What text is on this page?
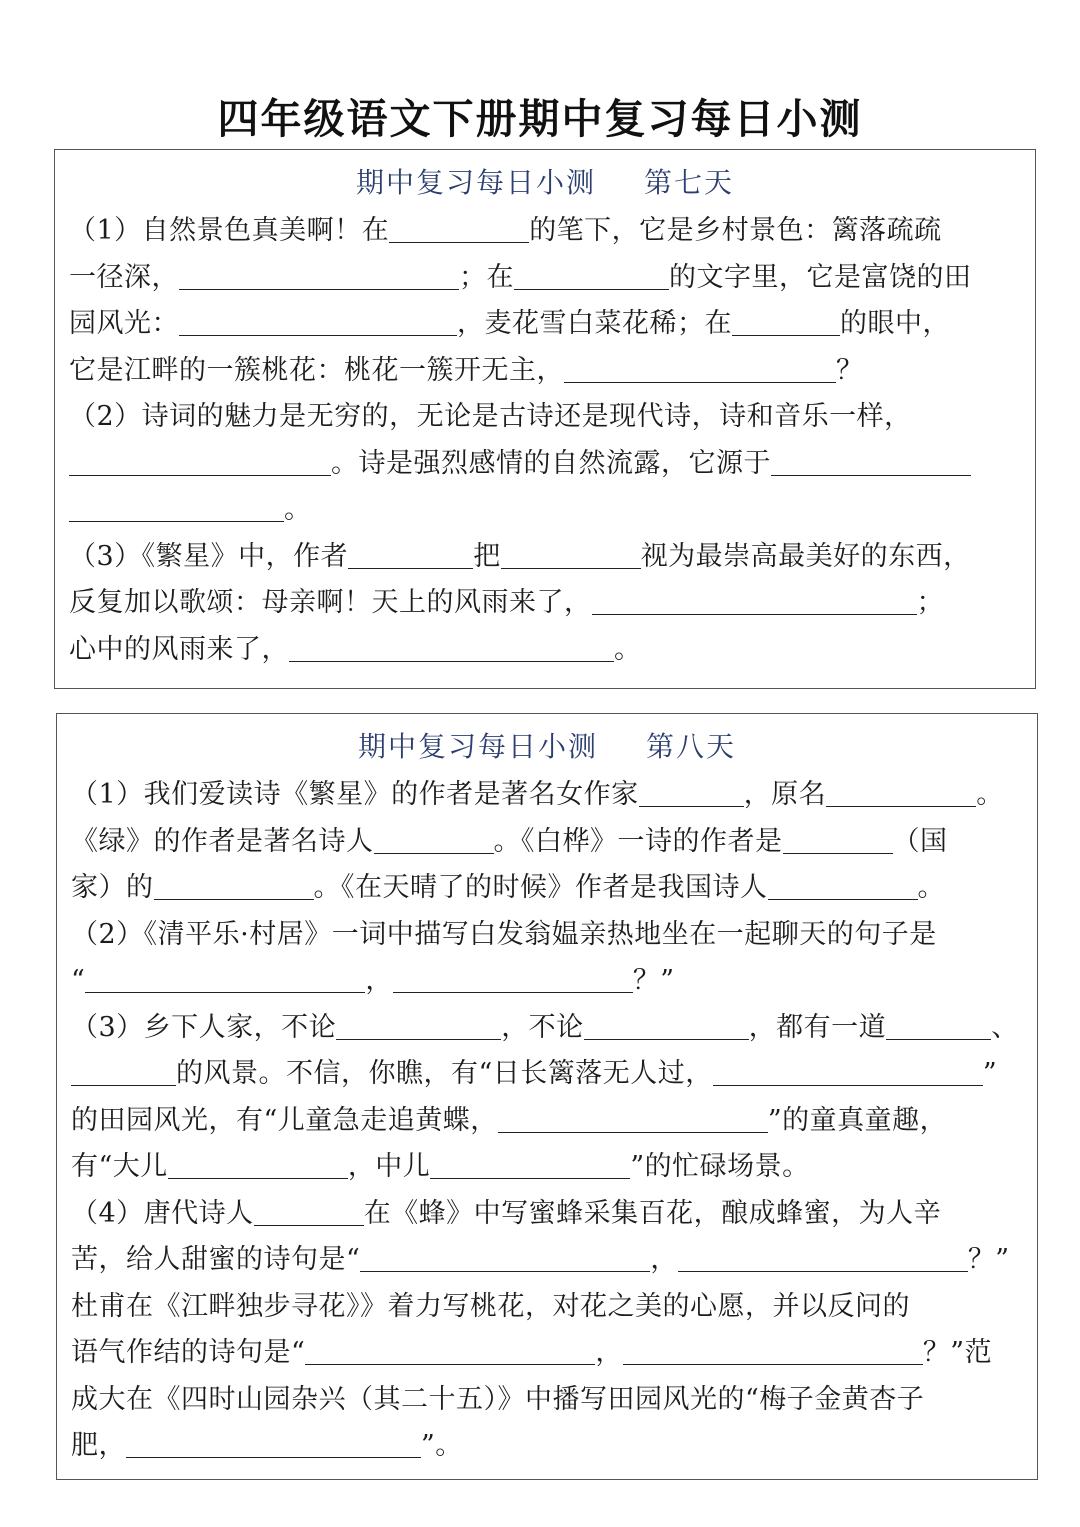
四年级语文下册期中复习每日小测
期中复习每日小测 第七天
（1）自然景色真美啊！在	的笔下，它是乡村景色：篱落疏疏
一径深，	；在	的文字里，它是富饶的田
园风光：	，麦花雪白菜花稀；在	的眼中，
它是江畔的一簇桃花：桃花一簇开无主，	？
（2）诗词的魅力是无穷的，无论是古诗还是现代诗，诗和音乐一样，
。诗是强烈感情的自然流露，它源于
。
（3）《繁星》中，作者	把	视为最崇高最美好的东西，
反复加以歌颂：母亲啊！天上的风雨来了，	；
心中的风雨来了，	。
期中复习每日小测 第八天
（1）我们爱读诗《繁星》的作者是著名女作家	，原名	。
《绿》的作者是著名诗人	。《白桦》一诗的作者是	（国
家）的	。《在天晴了的时候》作者是我国诗人	。
（2）《清平乐·村居》一词中描写白发翁媪亲热地坐在一起聊天的句子是
“	，	？”
（3）乡下人家，不论	，不论	，都有一道	、
的风景。不信，你瞧，有“日长篱落无人过，	”
的田园风光，有“儿童急走追黄蝶，	”的童真童趣，
有“大儿	，中儿	”的忙碌场景。
（4）唐代诗人	在《蜂》中写蜜蜂采集百花，酿成蜂蜜，为人辛
苦，给人甜蜜的诗句是“	，	？”
杜甫在《江畔独步寻花》》着力写桃花，对花之美的心愿，并以反问的
语气作结的诗句是“	，	？”范
成大在《四时山园杂兴（其二十五）》中播写田园风光的“梅子金黄杏子
肥，	”。
